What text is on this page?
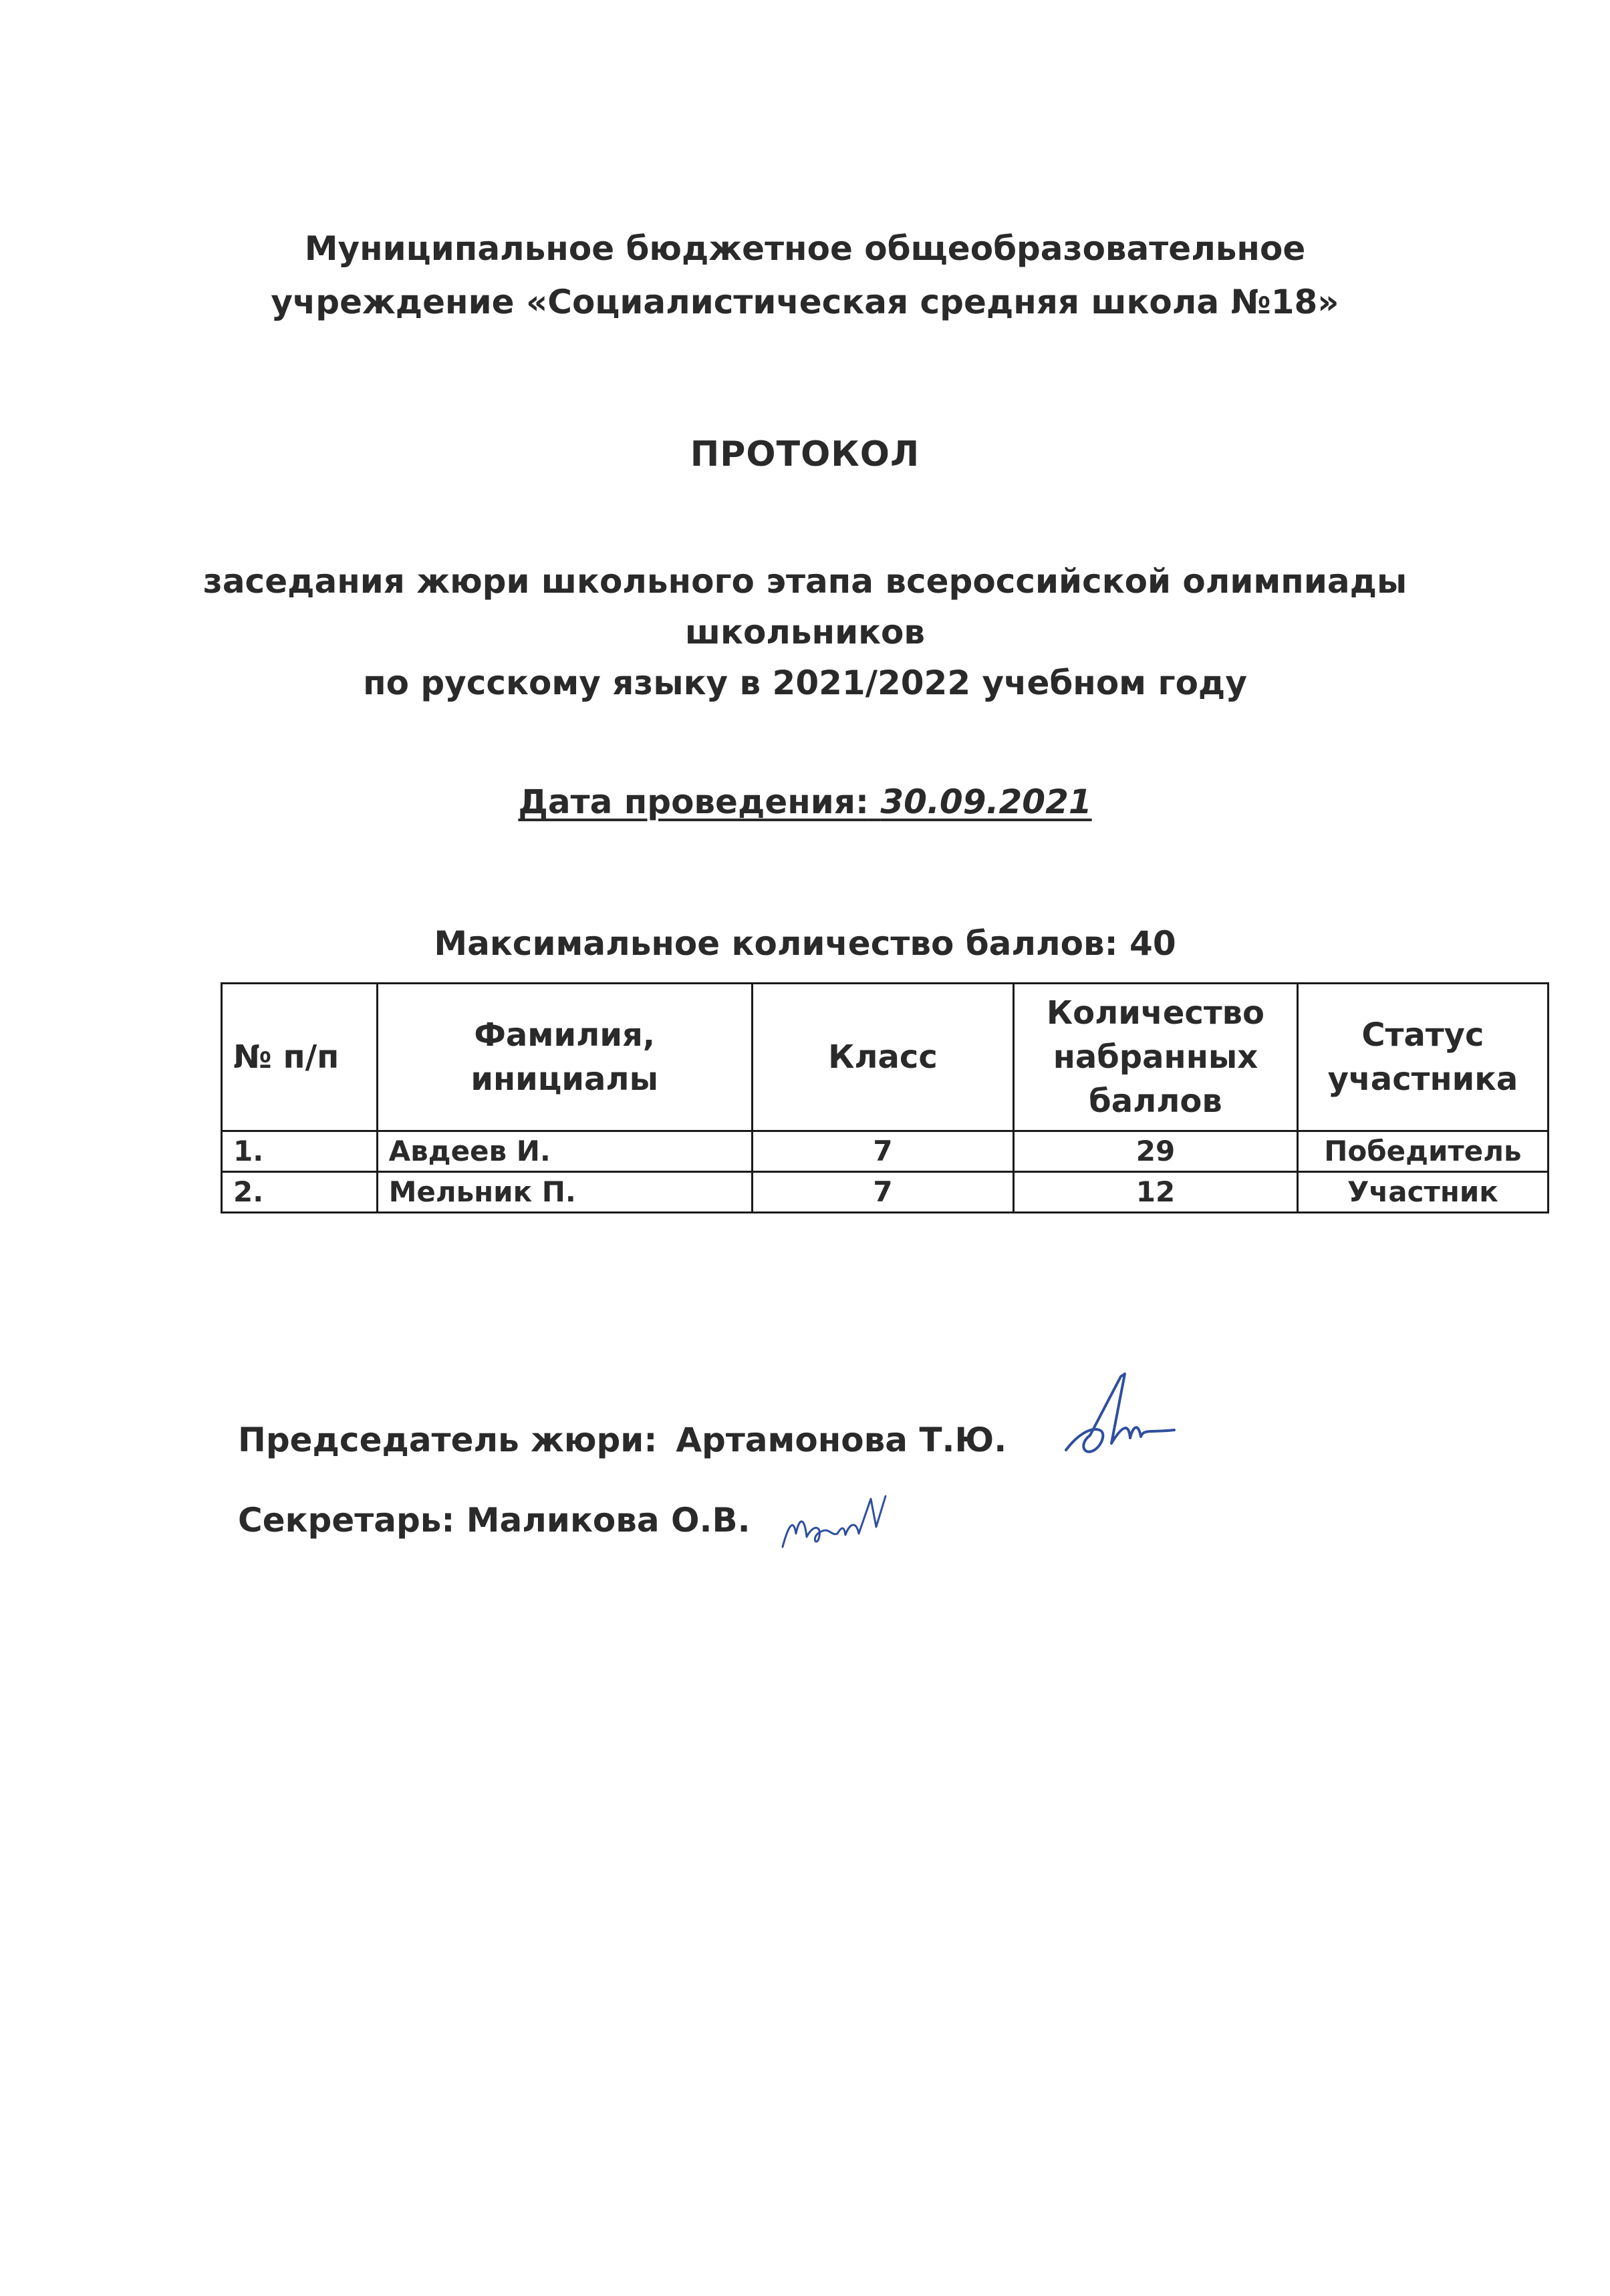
Муниципальное бюджетное общеобразовательное
учреждение «Социалистическая средняя школа №18»
ПРОТОКОЛ
заседания жюри школьного этапа всероссийской олимпиады
школьников
по русскому языку в 2021/2022 учебном году
Дата проведения: 30.09.2021
Максимальное количество баллов: 40
№ п/п	Фамилия, инициалы	Класс	Количество набранных баллов	Статус участника
1.	Авдеев И.	7	29	Победитель
2.	Мельник П.	7	12	Участник
Председатель жюри: Артамонова Т.Ю.
Секретарь: Маликова О.В.
